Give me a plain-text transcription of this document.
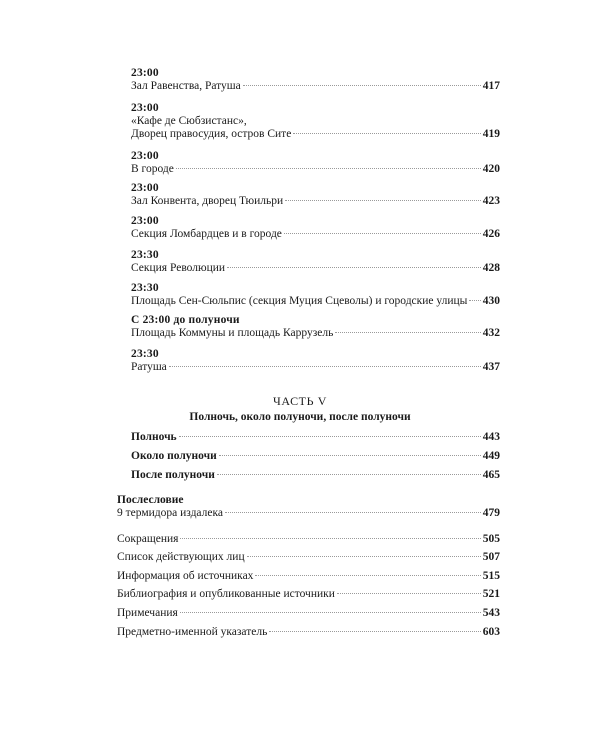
23:00
Зал Равенства, Ратуша	417
23:00
«Кафе де Сюбзистанс»,
Дворец правосудия, остров Сите	419
23:00
В городе	420
23:00
Зал Конвента, дворец Тюильри	423
23:00
Секция Ломбардцев и в городе	426
23:30
Секция Революции	428
23:30
Площадь Сен-Сюльпис (секция Муция Сцеволы) и городские улицы 430
С 23:00 до полуночи
Площадь Коммуны и площадь Каррузель	432
23:30
Ратуша	437
ЧАСТЬ V
Полночь, около полуночи, после полуночи
Полночь	443
Около полуночи	449
После полуночи	465
Послесловие
9 термидора издалека	479
Сокращения	505
Список действующих лиц	507
Информация об источниках	515
Библиография и опубликованные источники	521
Примечания	543
Предметно-именной указатель	603
